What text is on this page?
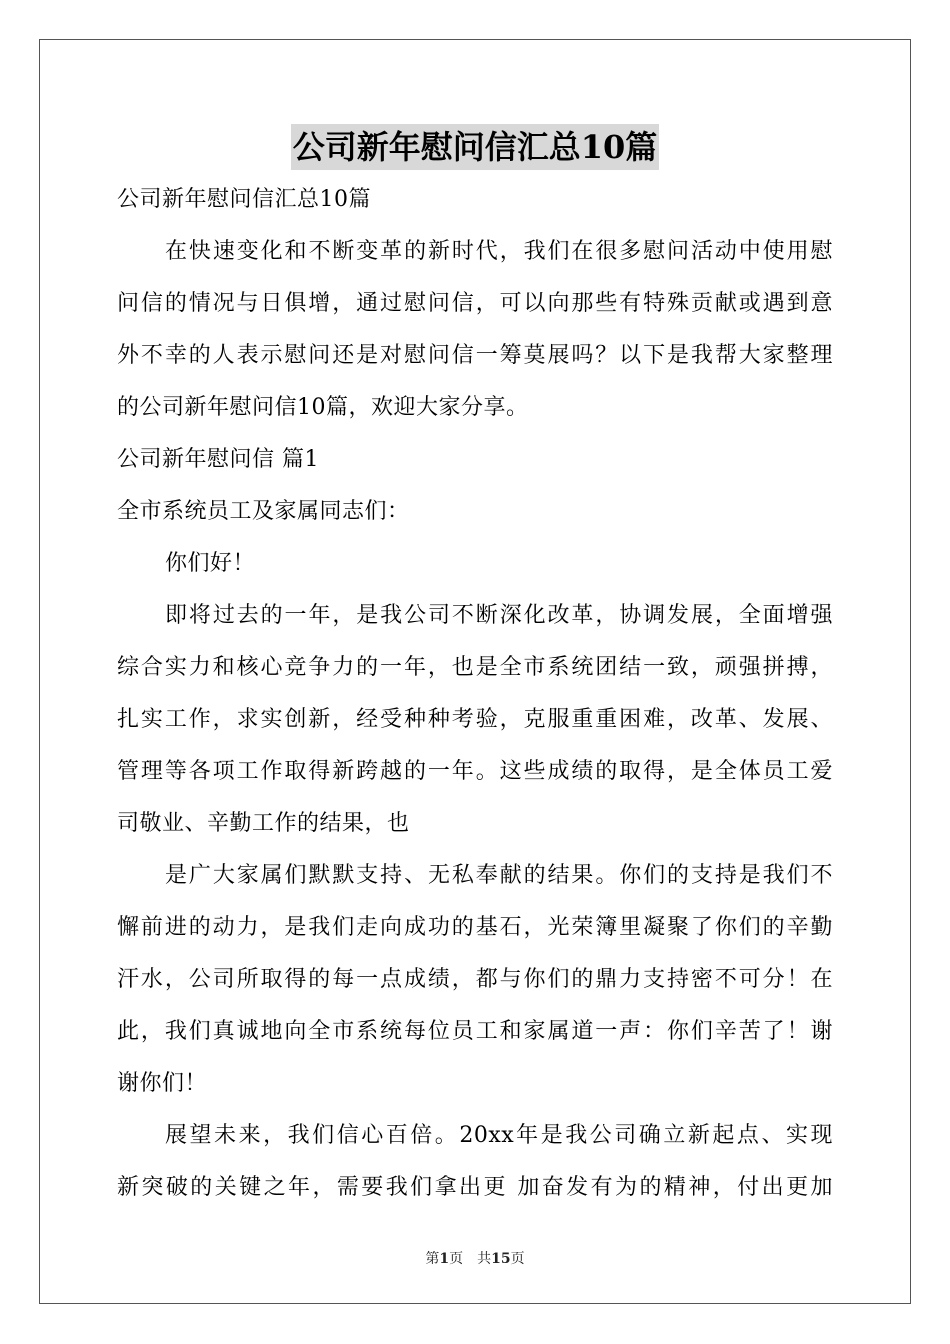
公司新年慰问信汇总10篇
公司新年慰问信汇总10篇
在快速变化和不断变革的新时代，我们在很多慰问活动中使用慰
问信的情况与日俱增，通过慰问信，可以向那些有特殊贡献或遇到意
外不幸的人表示慰问还是对慰问信一筹莫展吗？以下是我帮大家整理
的公司新年慰问信10篇，欢迎大家分享。
公司新年慰问信 篇1
全市系统员工及家属同志们：
你们好！
即将过去的一年，是我公司不断深化改革，协调发展，全面增强
综合实力和核心竞争力的一年，也是全市系统团结一致，顽强拼搏，
扎实工作，求实创新，经受种种考验，克服重重困难，改革、发展、
管理等各项工作取得新跨越的一年。这些成绩的取得，是全体员工爱
司敬业、辛勤工作的结果，也
是广大家属们默默支持、无私奉献的结果。你们的支持是我们不
懈前进的动力，是我们走向成功的基石，光荣簿里凝聚了你们的辛勤
汗水，公司所取得的每一点成绩，都与你们的鼎力支持密不可分！在
此，我们真诚地向全市系统每位员工和家属道一声：你们辛苦了！谢
谢你们！
展望未来，我们信心百倍。20xx年是我公司确立新起点、实现
新突破的关键之年，需要我们拿出更 加奋发有为的精神，付出更加
第1页　共15页
